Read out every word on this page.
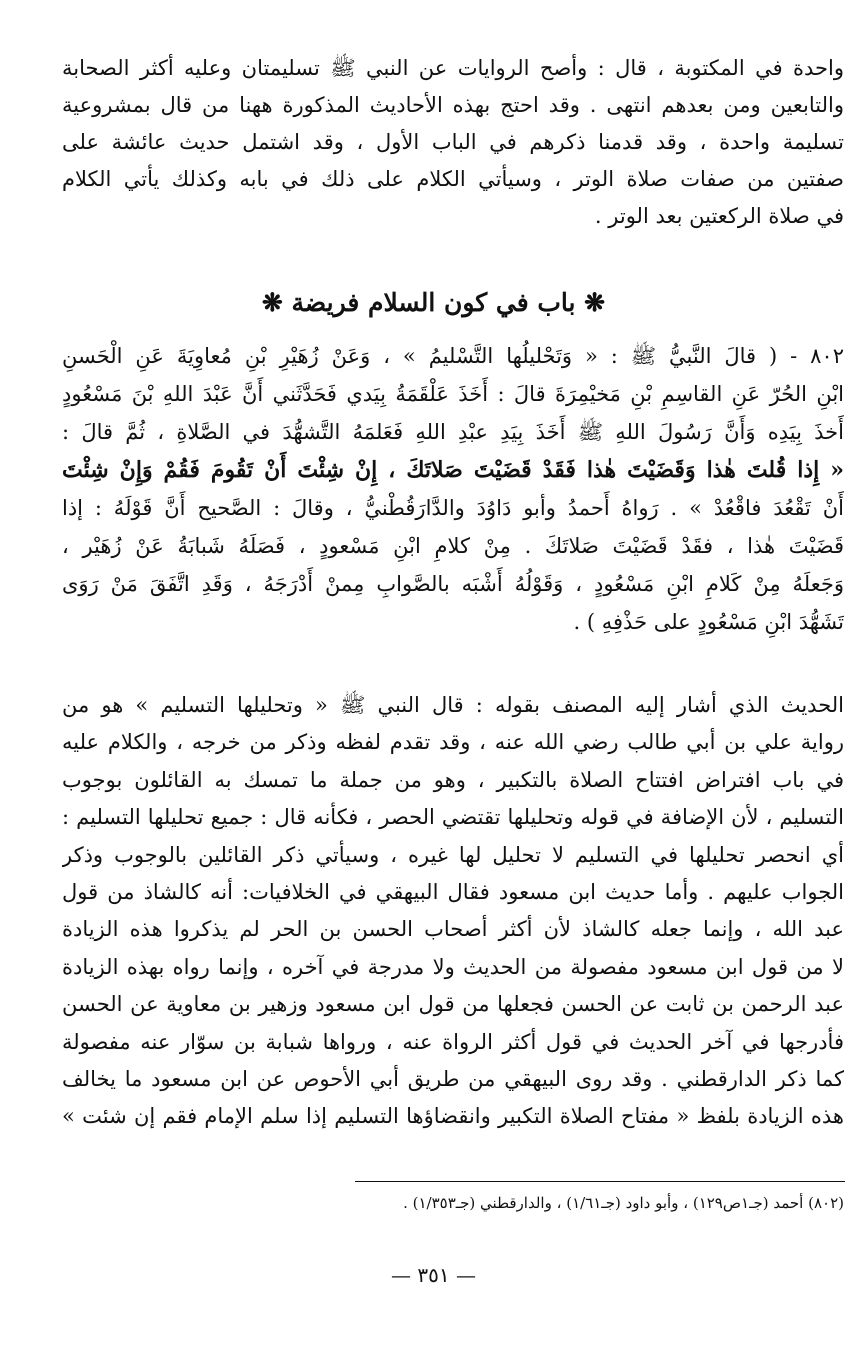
واحدة في المكتوبة ، قال : وأصح الروايات عن النبي ﷺ تسليمتان وعليه أكثر الصحابة
والتابعين ومن بعدهم انتهى . وقد احتج بهذه الأحاديث المذكورة ههنا من قال بمشروعية
تسليمة واحدة ، وقد قدمنا ذكرهم في الباب الأول ، وقد اشتمل حديث عائشة على
صفتين من صفات صلاة الوتر ، وسيأتي الكلام على ذلك في بابه وكذلك يأتي الكلام
في صلاة الركعتين بعد الوتر .
❋ باب في كون السلام فريضة ❋
٨٠٢ - ( قالَ النَّبيُّ ﷺ : « وَتَحْليلُها التَّسْليمُ » ، وَعَنْ زُهَيْرِ بْنِ مُعاوِيَةَ عَنِ الْحَسنِ
ابْنِ الحُرّ عَنِ القاسِمِ بْنِ مَخيْمِرَةَ قالَ : أَخَذَ عَلْقَمَةُ بِيَدي فَحَدَّثَني أَنَّ عَبْدَ اللهِ بْنَ مَسْعُودٍ
أَخذَ بِيَدِه وَأَنَّ رَسُولَ اللهِ ﷺ أَخَذَ بِيَدِ عبْدِ اللهِ فَعَلمَهُ التَّشهُّدَ في الصَّلاةِ ، ثُمَّ قالَ :
« إِذا قُلتَ هٰذا وَقَضَيْتَ هٰذا فَقَدْ قَضَيْتَ صَلاتَكَ ، إِنْ شِئْتَ أَنْ تَقُومَ فَقُمْ وَإِنْ شِئْتَ
أَنْ تَقْعُدَ فاقْعُدْ » . رَواهُ أَحمدُ وأبو دَاوُدَ والدَّارَقُطْنيُّ ، وقالَ : الصَّحيح أَنَّ قَوْلَهُ : إذا
قَضَيْتَ هٰذا ، فقَدْ قَضَيْتَ صَلاتَكَ . مِنْ كلامِ ابْنِ مَسْعودٍ ، فَصَلَهُ شَبابَةُ عَنْ زُهَيْر ،
وَجَعلَهُ مِنْ كَلامِ ابْنِ مَسْعُودٍ ، وَقَوْلُهُ أَشْبَه بالصَّوابِ مِمنْ أَدْرَجَهُ ، وَقَدِ اتَّفَقَ مَنْ رَوَى
تَشَهُّدَ ابْنِ مَسْعُودٍ على حَذْفِهِ ) .
الحديث الذي أشار إليه المصنف بقوله : قال النبي ﷺ « وتحليلها التسليم » هو من
رواية علي بن أبي طالب رضي الله عنه ، وقد تقدم لفظه وذكر من خرجه ، والكلام عليه
في باب افتراض افتتاح الصلاة بالتكبير ، وهو من جملة ما تمسك به القائلون بوجوب
التسليم ، لأن الإضافة في قوله وتحليلها تقتضي الحصر ، فكأنه قال : جميع تحليلها التسليم :
أي انحصر تحليلها في التسليم لا تحليل لها غيره ، وسيأتي ذكر القائلين بالوجوب وذكر
الجواب عليهم . وأما حديث ابن مسعود فقال البيهقي في الخلافيات: أنه كالشاذ من قول
عبد الله ، وإنما جعله كالشاذ لأن أكثر أصحاب الحسن بن الحر لم يذكروا هذه الزيادة
لا من قول ابن مسعود مفصولة من الحديث ولا مدرجة في آخره ، وإنما رواه بهذه الزيادة
عبد الرحمن بن ثابت عن الحسن فجعلها من قول ابن مسعود وزهير بن معاوية عن الحسن
فأدرجها في آخر الحديث في قول أكثر الرواة عنه ، ورواها شبابة بن سوّار عنه مفصولة
كما ذكر الدارقطني . وقد روى البيهقي من طريق أبي الأحوص عن ابن مسعود ما يخالف
هذه الزيادة بلفظ « مفتاح الصلاة التكبير وانقضاؤها التسليم إذا سلم الإمام فقم إن شئت »
(٨٠٢) أحمد (جـ١ص١٢٩) ، وأبو داود (جـ١/٦١) ، والدارقطني (جـ١/٣٥٣) .
— ٣٥١ —
